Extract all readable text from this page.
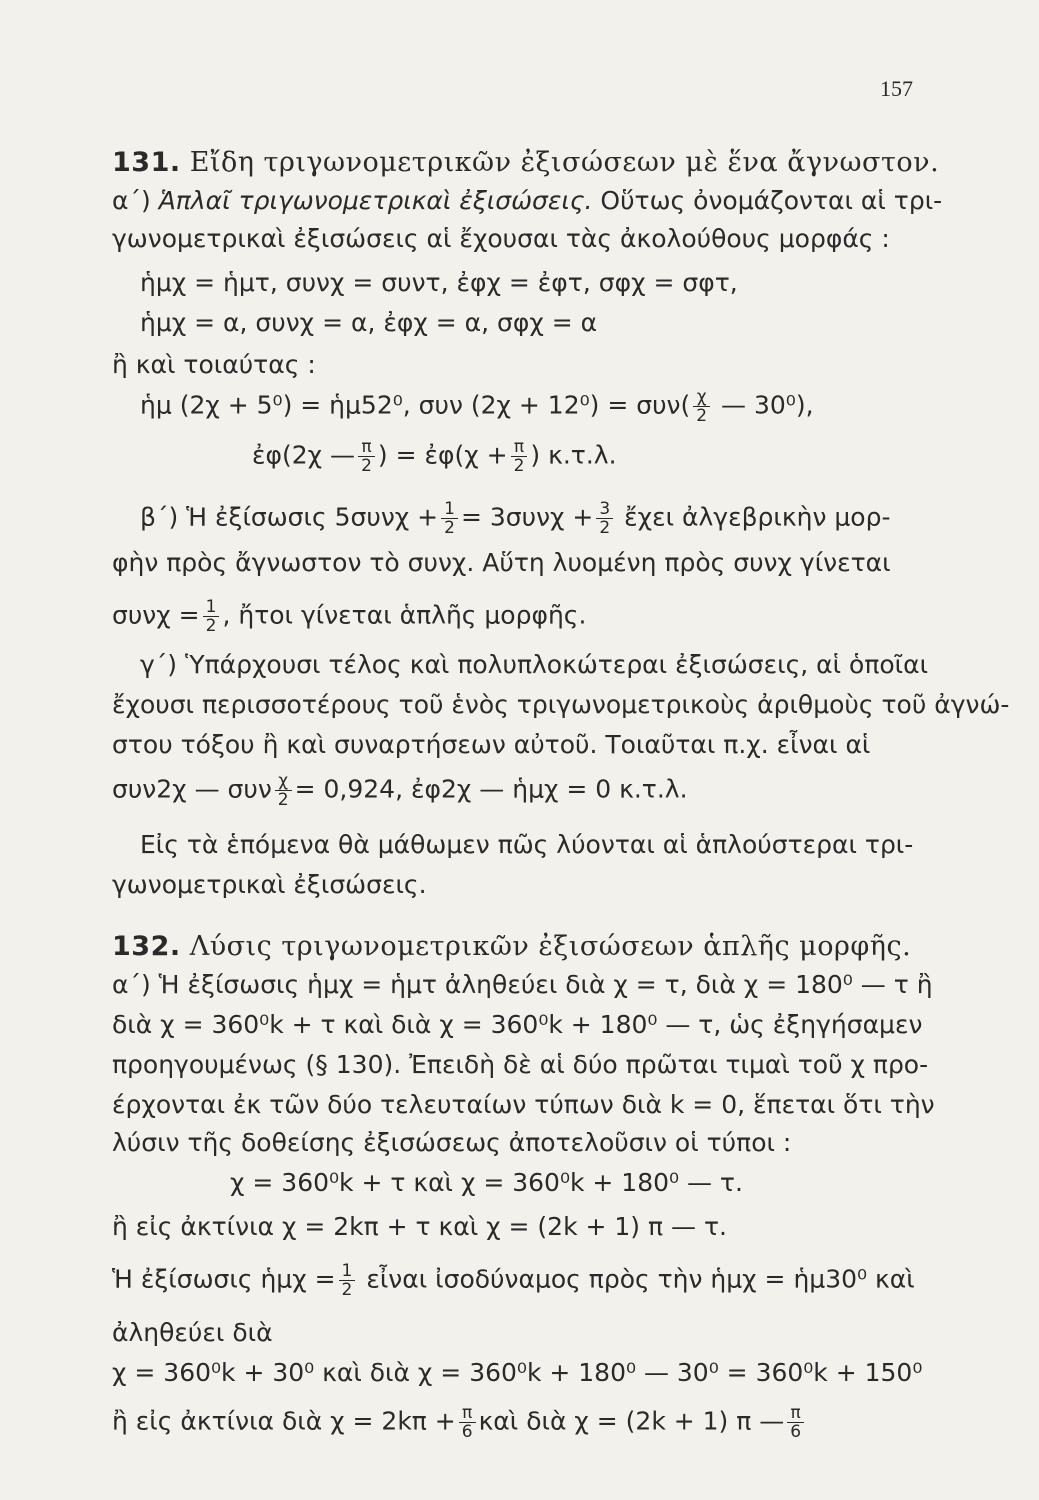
157
131. Εἴδη τριγωνομετρικῶν ἐξισώσεων μὲ ἕνα ἄγνωστον.
α΄) Ἁπλαῖ τριγωνομετρικαὶ ἐξισώσεις. Οὕτως ὀνομάζονται αἱ τρι-
γωνομετρικαὶ ἐξισώσεις αἱ ἔχουσαι τὰς ἀκολούθους μορφάς :
ἡμχ = ἡμτ, συνχ = συντ, ἐφχ = ἐφτ, σφχ = σφτ,
ἡμχ = α, συνχ = α, ἐφχ = α, σφχ = α
ἢ καὶ τοιαύτας :
ἡμ (2χ + 5⁰) = ἡμ52⁰, συν $(2\chi + 12^0) = \sigma\upsilon\nu( \frac{\chi}{2}$ — 30⁰),
ἐφ(2χ — $\frac{\pi}{2}$ ) = ἐφ(χ + $\frac{\pi}{2}$ ) κ.τ.λ.
β΄) Ἡ ἐξίσωσις $5\sigma\upsilon\nu\chi + \frac{1}{2} = 3\sigma\upsilon\nu\chi + \frac{3}{2}$ ἔχει ἀλγεβρικὴν μορ-
φὴν πρὸς ἄγνωστον τὸ συνχ. Αὕτη λυομένη πρὸς συνχ γίνεται
$\sigma\upsilon\nu\chi = \frac{1}{2}$ , ἤτοι γίνεται ἁπλῆς μορφῆς.
γ΄) Ὑπάρχουσι τέλος καὶ πολυπλοκώτεραι ἐξισώσεις, αἱ ὁποῖαι
ἔχουσι περισσοτέρους τοῦ ἑνὸς τριγωνομετρικοὺς ἀριθμοὺς τοῦ ἀγνώ-
στου τόξου ἢ καὶ συναρτήσεων αὐτοῦ. Τοιαῦται π.χ. εἶναι αἱ
συν2χ — συν $\frac{\chi}{2} = 0,924$, ἐφ2χ — ἡμχ = 0 κ.τ.λ.
Εἰς τὰ ἑπόμενα θὰ μάθωμεν πῶς λύονται αἱ ἁπλούστεραι τρι-
γωνομετρικαὶ ἐξισώσεις.
132. Λύσις τριγωνομετρικῶν ἐξισώσεων ἁπλῆς μορφῆς.
α΄) Ἡ ἐξίσωσις ἡμχ = ἡμτ ἀληθεύει διὰ χ = τ, διὰ χ = 180⁰ — τ ἢ
διὰ χ = 360⁰k + τ καὶ διὰ χ = 360⁰k + 180⁰ — τ, ὡς ἐξηγήσαμεν
προηγουμένως (§ 130). Ἐπειδὴ δὲ αἱ δύο πρῶται τιμαὶ τοῦ χ προ-
έρχονται ἐκ τῶν δύο τελευταίων τύπων διὰ k = 0, ἕπεται ὅτι τὴν
λύσιν τῆς δοθείσης ἐξισώσεως ἀποτελοῦσιν οἱ τύποι :
χ = 360⁰k + τ καὶ χ = 360⁰k + 180⁰ — τ.
ἢ εἰς ἀκτίνια χ = 2kπ + τ καὶ χ = (2k + 1) π — τ.
Ἡ ἐξίσωσις ἡμχ = $\frac{1}{2}$ εἶναι ἰσοδύναμος πρὸς τὴν ἡμχ = ἡμ30⁰ καὶ
ἀληθεύει διὰ
χ = 360⁰k + 30⁰ καὶ διὰ χ = 360⁰k + 180⁰ — 30⁰ = 360⁰k + 150⁰
ἢ εἰς ἀκτίνια διὰ $\chi = 2k\pi + \frac{\pi}{6}$ καὶ διὰ χ = (2k + 1) π — $\frac{\pi}{6}$
